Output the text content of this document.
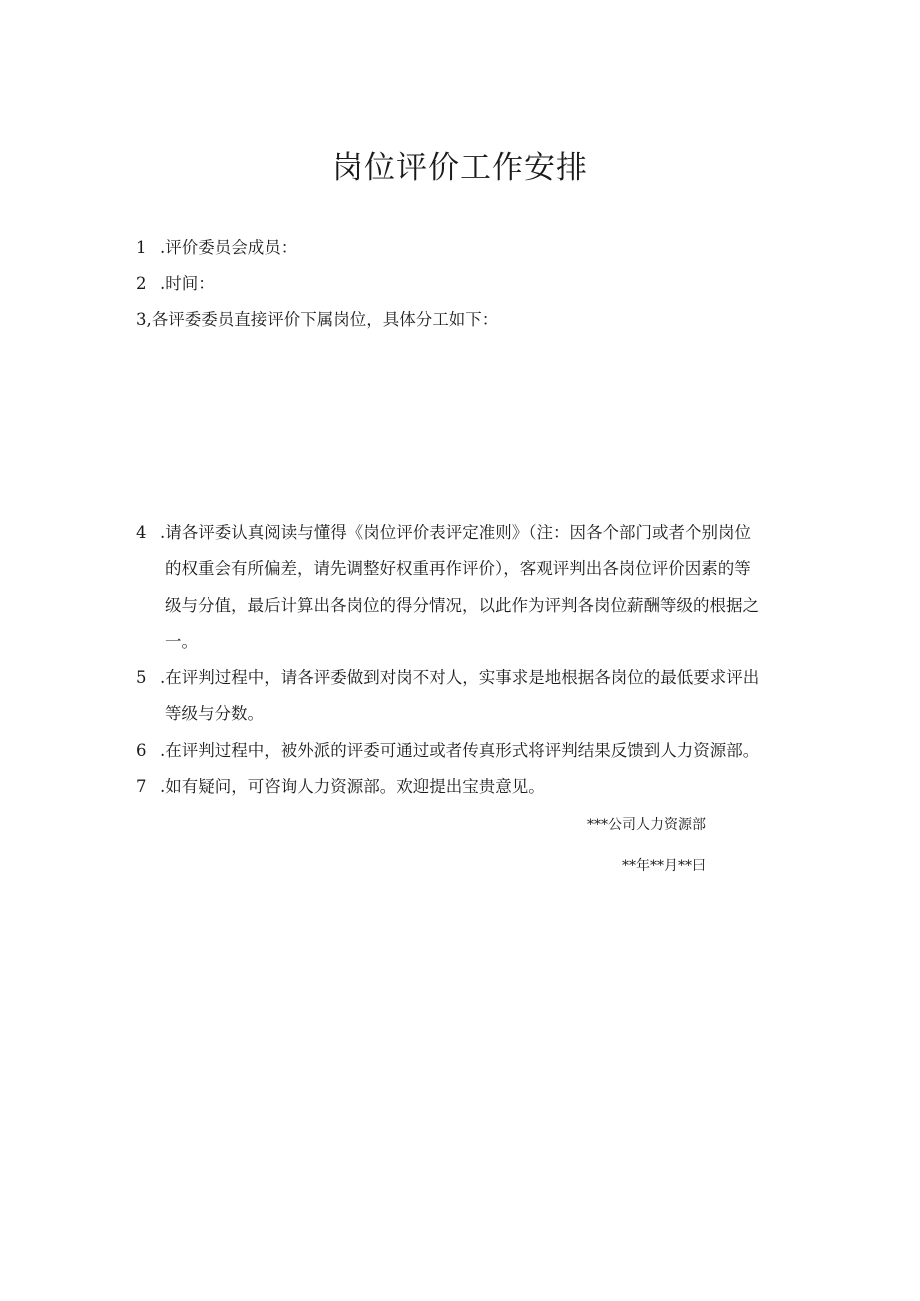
岗位评价工作安排
1 .评价委员会成员：
2 .时间：
3,各评委委员直接评价下属岗位，具体分工如下：
4 .请各评委认真阅读与懂得《岗位评价表评定准则》（注：因各个部门或者个别岗位
的权重会有所偏差，请先调整好权重再作评价），客观评判出各岗位评价因素的等
级与分值，最后计算出各岗位的得分情况，以此作为评判各岗位薪酬等级的根据之
一。
5 .在评判过程中，请各评委做到对岗不对人，实事求是地根据各岗位的最低要求评出
等级与分数。
6 .在评判过程中，被外派的评委可通过或者传真形式将评判结果反馈到人力资源部。
7 .如有疑问，可咨询人力资源部。欢迎提出宝贵意见。
***公司人力资源部
**年**月**曰
